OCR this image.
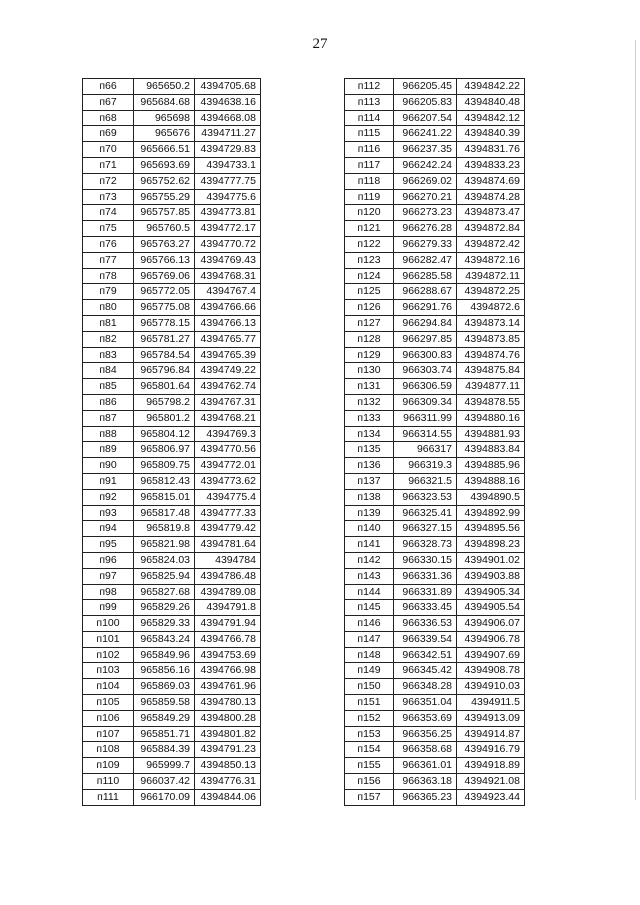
27
п66	965650.2	4394705.68
п67	965684.68	4394638.16
п68	965698	4394668.08
п69	965676	4394711.27
п70	965666.51	4394729.83
п71	965693.69	4394733.1
п72	965752.62	4394777.75
п73	965755.29	4394775.6
п74	965757.85	4394773.81
п75	965760.5	4394772.17
п76	965763.27	4394770.72
п77	965766.13	4394769.43
п78	965769.06	4394768.31
п79	965772.05	4394767.4
п80	965775.08	4394766.66
п81	965778.15	4394766.13
п82	965781.27	4394765.77
п83	965784.54	4394765.39
п84	965796.84	4394749.22
п85	965801.64	4394762.74
п86	965798.2	4394767.31
п87	965801.2	4394768.21
п88	965804.12	4394769.3
п89	965806.97	4394770.56
п90	965809.75	4394772.01
п91	965812.43	4394773.62
п92	965815.01	4394775.4
п93	965817.48	4394777.33
п94	965819.8	4394779.42
п95	965821.98	4394781.64
п96	965824.03	4394784
п97	965825.94	4394786.48
п98	965827.68	4394789.08
п99	965829.26	4394791.8
п100	965829.33	4394791.94
п101	965843.24	4394766.78
п102	965849.96	4394753.69
п103	965856.16	4394766.98
п104	965869.03	4394761.96
п105	965859.58	4394780.13
п106	965849.29	4394800.28
п107	965851.71	4394801.82
п108	965884.39	4394791.23
п109	965999.7	4394850.13
п110	966037.42	4394776.31
п111	966170.09	4394844.06
п112	966205.45	4394842.22
п113	966205.83	4394840.48
п114	966207.54	4394842.12
п115	966241.22	4394840.39
п116	966237.35	4394831.76
п117	966242.24	4394833.23
п118	966269.02	4394874.69
п119	966270.21	4394874.28
п120	966273.23	4394873.47
п121	966276.28	4394872.84
п122	966279.33	4394872.42
п123	966282.47	4394872.16
п124	966285.58	4394872.11
п125	966288.67	4394872.25
п126	966291.76	4394872.6
п127	966294.84	4394873.14
п128	966297.85	4394873.85
п129	966300.83	4394874.76
п130	966303.74	4394875.84
п131	966306.59	4394877.11
п132	966309.34	4394878.55
п133	966311.99	4394880.16
п134	966314.55	4394881.93
п135	966317	4394883.84
п136	966319.3	4394885.96
п137	966321.5	4394888.16
п138	966323.53	4394890.5
п139	966325.41	4394892.99
п140	966327.15	4394895.56
п141	966328.73	4394898.23
п142	966330.15	4394901.02
п143	966331.36	4394903.88
п144	966331.89	4394905.34
п145	966333.45	4394905.54
п146	966336.53	4394906.07
п147	966339.54	4394906.78
п148	966342.51	4394907.69
п149	966345.42	4394908.78
п150	966348.28	4394910.03
п151	966351.04	4394911.5
п152	966353.69	4394913.09
п153	966356.25	4394914.87
п154	966358.68	4394916.79
п155	966361.01	4394918.89
п156	966363.18	4394921.08
п157	966365.23	4394923.44
